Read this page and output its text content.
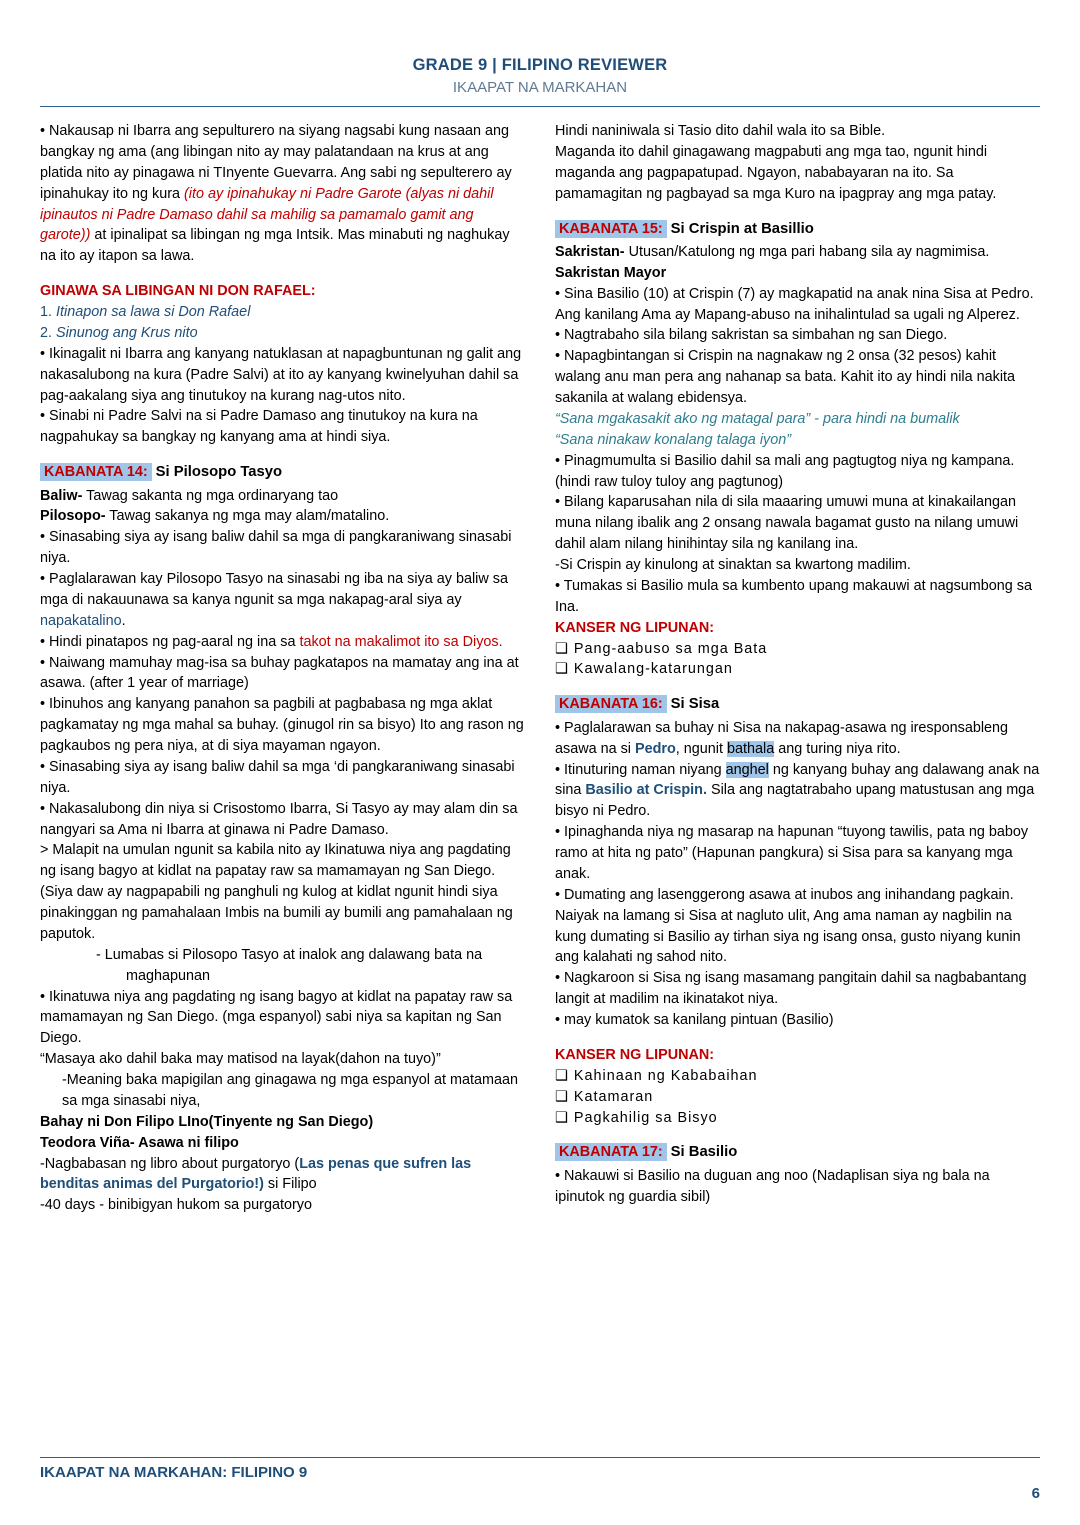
GRADE 9 | FILIPINO REVIEWER
IKAAPAT NA MARKAHAN

• Nakausap ni Ibarra ang sepulturero na siyang nagsabi kung nasaan ang bangkay ng ama (ang libingan nito ay may palatandaan na krus at ang platida nito ay pinagawa ni TInyente Guevarra. Ang sabi ng sepulterero ay ipinahukay ito ng kura (ito ay ipinahukay ni Padre Garote (alyas ni dahil ipinautos ni Padre Damaso dahil sa mahilig sa pamamalo gamit ang garote)) at ipinalipat sa libingan ng mga Intsik. Mas minabuti ng naghukay na ito ay itapon sa lawa.

GINAWA SA LIBINGAN NI DON RAFAEL:

1. Itinapon sa lawa si Don Rafael

2. Sinunog ang Krus nito

• Ikinagalit ni Ibarra ang kanyang natuklasan at napagbuntunan ng galit ang nakasalubong na kura (Padre Salvi) at ito ay kanyang kwinelyuhan dahil sa pag-aakalang siya ang tinutukoy na kurang nag-utos nito.

• Sinabi ni Padre Salvi na si Padre Damaso ang tinutukoy na kura na nagpahukay sa bangkay ng kanyang ama at hindi siya.

KABANATA 14: Si Pilosopo Tasyo

Baliw- Tawag sakanta ng mga ordinaryang tao

Pilosopo- Tawag sakanya ng mga may alam/matalino.

• Sinasabing siya ay isang baliw dahil sa mga di pangkaraniwang sinasabi niya.

• Paglalarawan kay Pilosopo Tasyo na sinasabi ng iba na siya ay baliw sa mga di nakauunawa sa kanya ngunit sa mga nakapag-aral siya ay napakatalino.

• Hindi pinatapos ng pag-aaral ng ina sa takot na makalimot ito sa Diyos.

• Naiwang mamuhay mag-isa sa buhay pagkatapos na mamatay ang ina at asawa. (after 1 year of marriage)

• Ibinuhos ang kanyang panahon sa pagbili at pagbabasa ng mga aklat pagkamatay ng mga mahal sa buhay. (ginugol rin sa bisyo) Ito ang rason ng pagkaubos ng pera niya, at di siya mayaman ngayon.

• Sinasabing siya ay isang baliw dahil sa mga ‘di pangkaraniwang sinasabi niya.

• Nakasalubong din niya si Crisostomo Ibarra, Si Tasyo ay may alam din sa nangyari sa Ama ni Ibarra at ginawa ni Padre Damaso.

> Malapit na umulan ngunit sa kabila nito ay Ikinatuwa niya ang pagdating ng isang bagyo at kidlat na papatay raw sa mamamayan ng San Diego. (Siya daw ay nagpapabili ng panghuli ng kulog at kidlat ngunit hindi siya pinakinggan ng pamahalaan Imbis na bumili ay bumili ang pamahalaan ng paputok.

- Lumabas si Pilosopo Tasyo at inalok ang dalawang bata na maghapunan

• Ikinatuwa niya ang pagdating ng isang bagyo at kidlat na papatay raw sa mamamayan ng San Diego. (mga espanyol) sabi niya sa kapitan ng San Diego.

“Masaya ako dahil baka may matisod na layak(dahon na tuyo)”

-Meaning baka mapigilan ang ginagawa ng mga espanyol at matamaan sa mga sinasabi niya,

Bahay ni Don Filipo LIno(Tinyente ng San Diego)

Teodora Viña- Asawa ni filipo

-Nagbabasan ng libro about purgatoryo (Las penas que sufren las benditas animas del Purgatorio!) si Filipo

-40 days - binibigyan hukom sa purgatoryo

Hindi naniniwala si Tasio dito dahil wala ito sa Bible.

Maganda ito dahil ginagawang magpabuti ang mga tao, ngunit hindi maganda ang pagpapatupad. Ngayon, nababayaran na ito. Sa pamamagitan ng pagbayad sa mga Kuro na ipagpray ang mga patay.

KABANATA 15: Si Crispin at Basillio

Sakristan- Utusan/Katulong ng mga pari habang sila ay nagmimisa.

Sakristan Mayor

• Sina Basilio (10) at Crispin (7) ay magkapatid na anak nina Sisa at Pedro. Ang kanilang Ama ay Mapang-abuso na inihalintulad sa ugali ng Alperez.

• Nagtrabaho sila bilang sakristan sa simbahan ng san Diego.

• Napagbintangan si Crispin na nagnakaw ng 2 onsa (32 pesos) kahit walang anu man pera ang nahanap sa bata. Kahit ito ay hindi nila nakita sakanila at walang ebidensya.

“Sana mgakasakit ako ng matagal para” - para hindi na bumalik

“Sana ninakaw konalang talaga iyon”

• Pinagmumulta si Basilio dahil sa mali ang pagtugtog niya ng kampana.(hindi raw tuloy tuloy ang pagtunog)

• Bilang kaparusahan nila di sila maaaring umuwi muna at kinakailangan muna nilang ibalik ang 2 onsang nawala bagamat gusto na nilang umuwi dahil alam nilang hinihintay sila ng kanilang ina.

-Si Crispin ay kinulong at sinaktan sa kwartong madilim.

• Tumakas si Basilio mula sa kumbento upang makauwi at nagsumbong sa Ina.

KANSER NG LIPUNAN:

❑ Pang-aabuso sa mga Bata

❑ Kawalang-katarungan

KABANATA 16: Si Sisa

• Paglalarawan sa buhay ni Sisa na nakapag-asawa ng iresponsableng asawa na si Pedro, ngunit bathala ang turing niya rito.

• Itinuturing naman niyang anghel ng kanyang buhay ang dalawang anak na sina Basilio at Crispin. Sila ang nagtatrabaho upang matustusan ang mga bisyo ni Pedro.

• Ipinaghanda niya ng masarap na hapunan “tuyong tawilis, pata ng baboy ramo at hita ng pato” (Hapunan pangkura) si Sisa para sa kanyang mga anak.

• Dumating ang lasenggerong asawa at inubos ang inihandang pagkain. Naiyak na lamang si Sisa at nagluto ulit, Ang ama naman ay nagbilin na kung dumating si Basilio ay tirhan siya ng isang onsa, gusto niyang kunin ang kalahati ng sahod nito.

• Nagkaroon si Sisa ng isang masamang pangitain dahil sa nagbabantang langit at madilim na ikinatakot niya.

• may kumatok sa kanilang pintuan (Basilio)

KANSER NG LIPUNAN:

❑ Kahinaan ng Kababaihan

❑ Katamaran

❑ Pagkahilig sa Bisyo

KABANATA 17: Si Basilio

• Nakauwi si Basilio na duguan ang noo (Nadaplisan siya ng bala na ipinutok ng guardia sibil)

IKAAPAT NA MARKAHAN: FILIPINO 9
6
